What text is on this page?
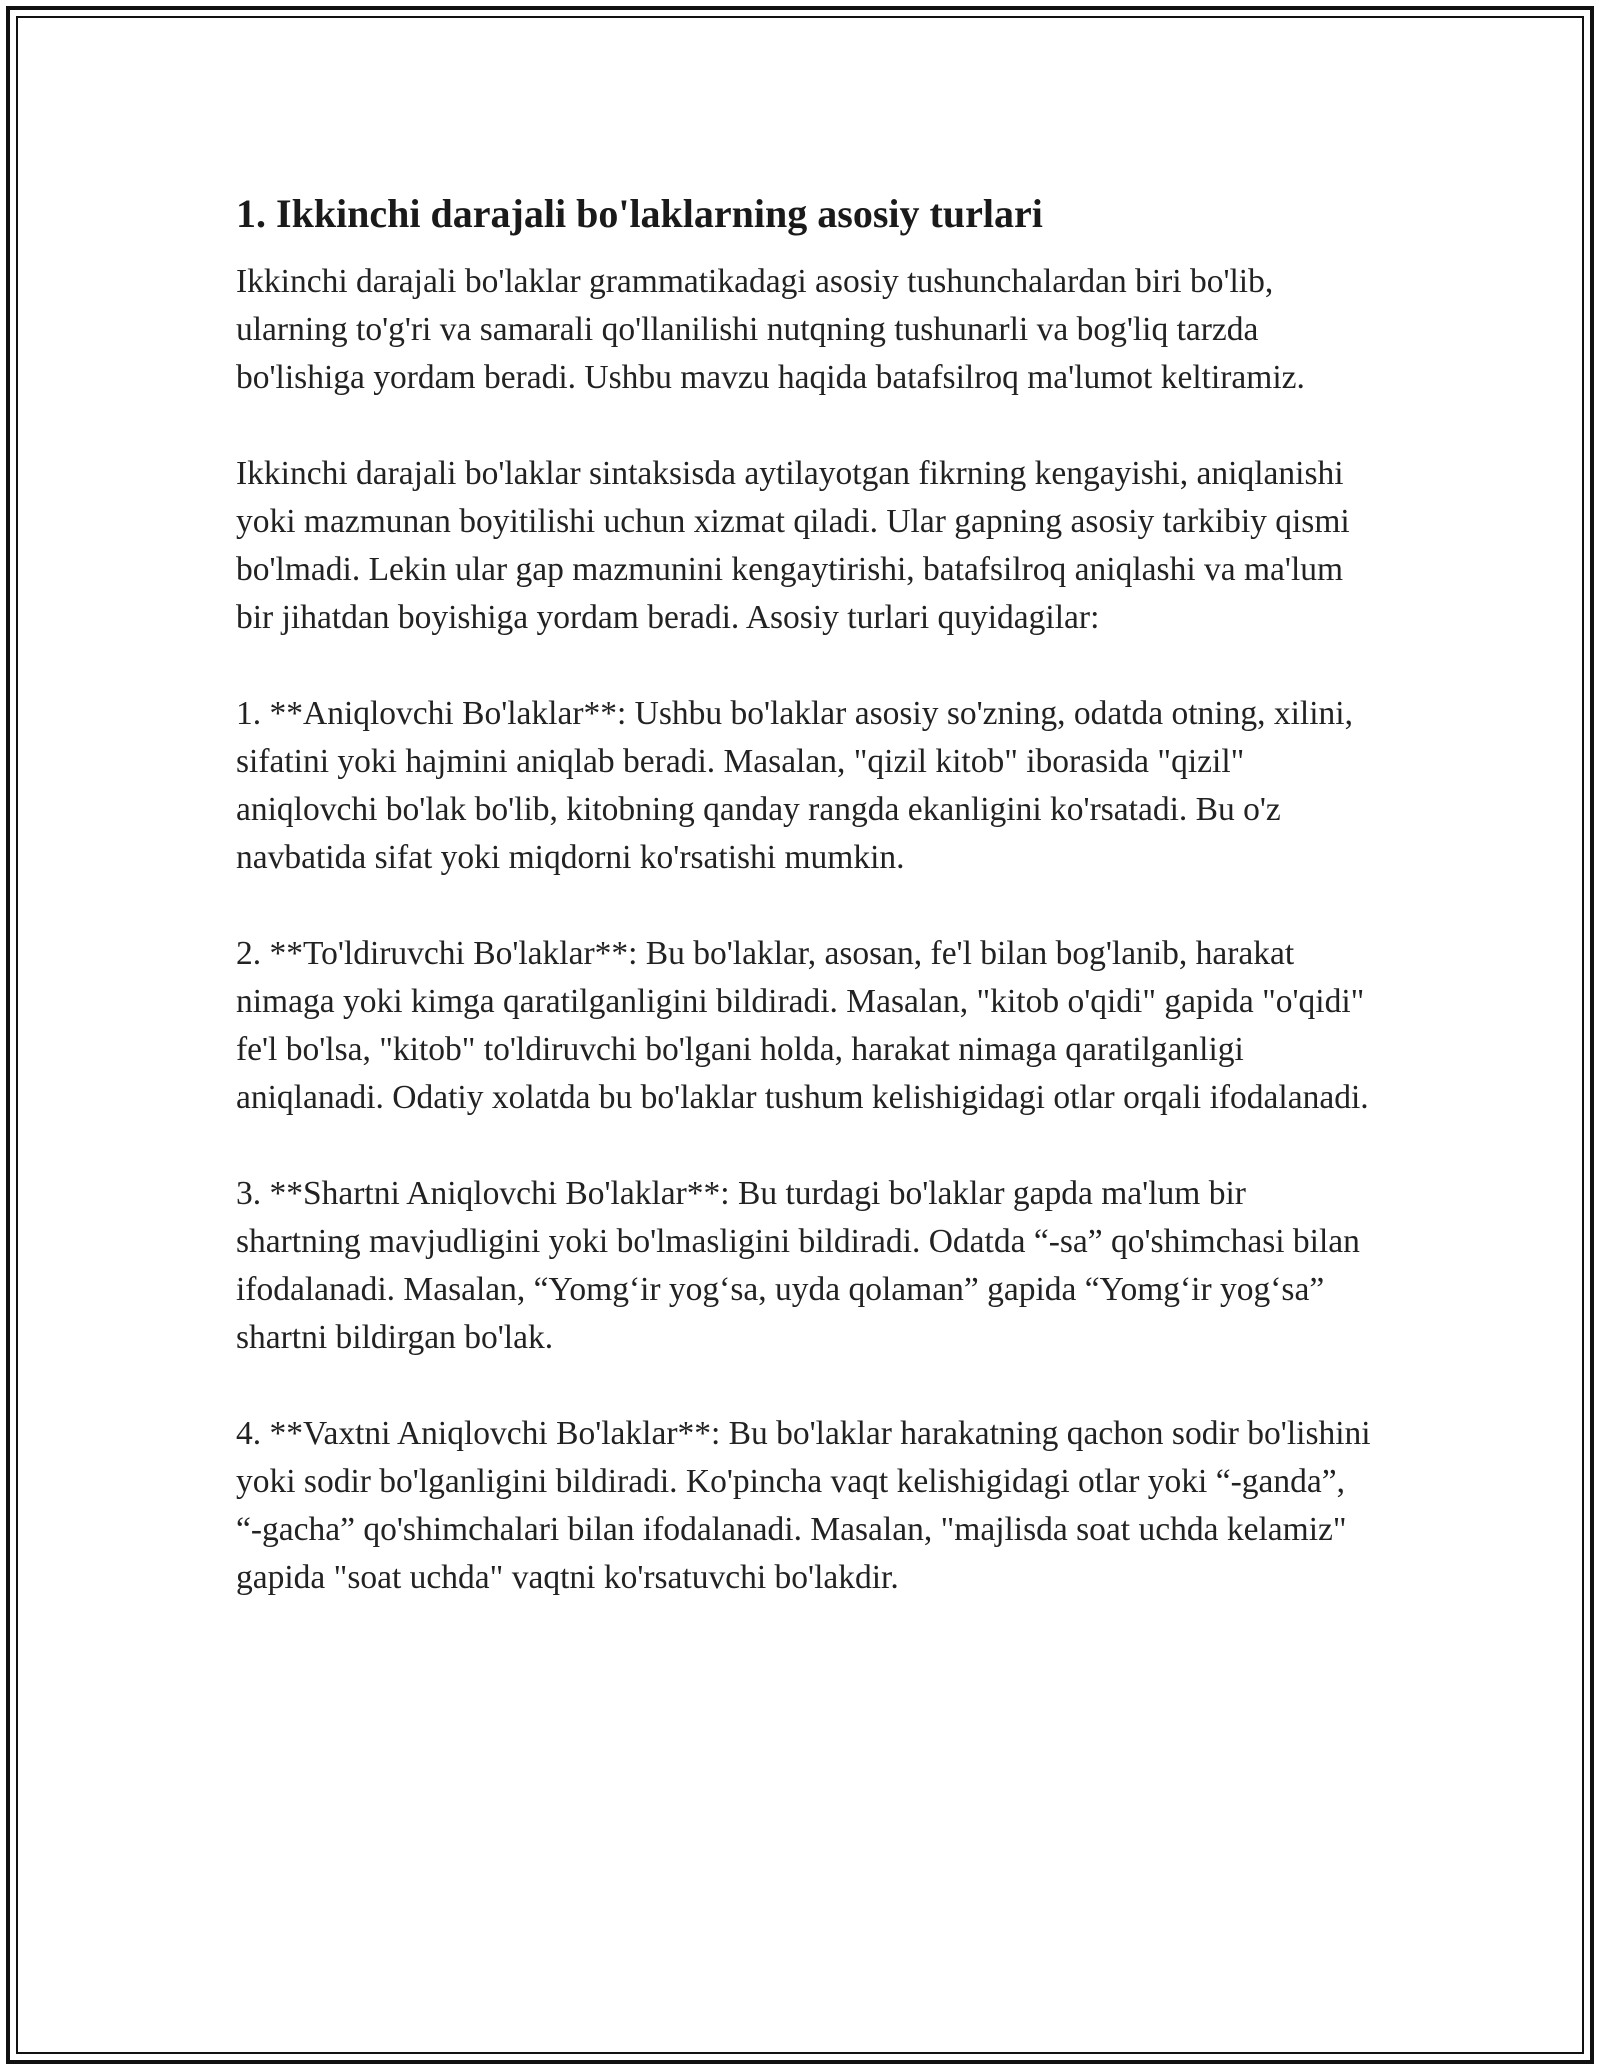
1. Ikkinchi darajali bo'laklarning asosiy turlari

Ikkinchi darajali bo'laklar grammatikadagi asosiy tushunchalardan biri bo'lib, ularning to'g'ri va samarali qo'llanilishi nutqning tushunarli va bog'liq tarzda bo'lishiga yordam beradi. Ushbu mavzu haqida batafsilroq ma'lumot keltiramiz.

Ikkinchi darajali bo'laklar sintaksisda aytilayotgan fikrning kengayishi, aniqlanishi yoki mazmunan boyitilishi uchun xizmat qiladi. Ular gapning asosiy tarkibiy qismi bo'lmadi. Lekin ular gap mazmunini kengaytirishi, batafsilroq aniqlashi va ma'lum bir jihatdan boyishiga yordam beradi. Asosiy turlari quyidagilar:

1. **Aniqlovchi Bo'laklar**: Ushbu bo'laklar asosiy so'zning, odatda otning, xilini, sifatini yoki hajmini aniqlab beradi. Masalan, "qizil kitob" iborasida "qizil" aniqlovchi bo'lak bo'lib, kitobning qanday rangda ekanligini ko'rsatadi. Bu o'z navbatida sifat yoki miqdorni ko'rsatishi mumkin.

2. **To'ldiruvchi Bo'laklar**: Bu bo'laklar, asosan, fe'l bilan bog'lanib, harakat nimaga yoki kimga qaratilganligini bildiradi. Masalan, "kitob o'qidi" gapida "o'qidi" fe'l bo'lsa, "kitob" to'ldiruvchi bo'lgani holda, harakat nimaga qaratilganligi aniqlanadi. Odatiy xolatda bu bo'laklar tushum kelishigidagi otlar orqali ifodalanadi.

3. **Shartni Aniqlovchi Bo'laklar**: Bu turdagi bo'laklar gapda ma'lum bir shartning mavjudligini yoki bo'lmasligini bildiradi. Odatda “-sa” qo'shimchasi bilan ifodalanadi. Masalan, “Yomg‘ir yog‘sa, uyda qolaman” gapida “Yomg‘ir yog‘sa” shartni bildirgan bo'lak.

4. **Vaxtni Aniqlovchi Bo'laklar**: Bu bo'laklar harakatning qachon sodir bo'lishini yoki sodir bo'lganligini bildiradi. Ko'pincha vaqt kelishigidagi otlar yoki “-ganda”, “-gacha” qo'shimchalari bilan ifodalanadi. Masalan, "majlisda soat uchda kelamiz" gapida "soat uchda" vaqtni ko'rsatuvchi bo'lakdir.
